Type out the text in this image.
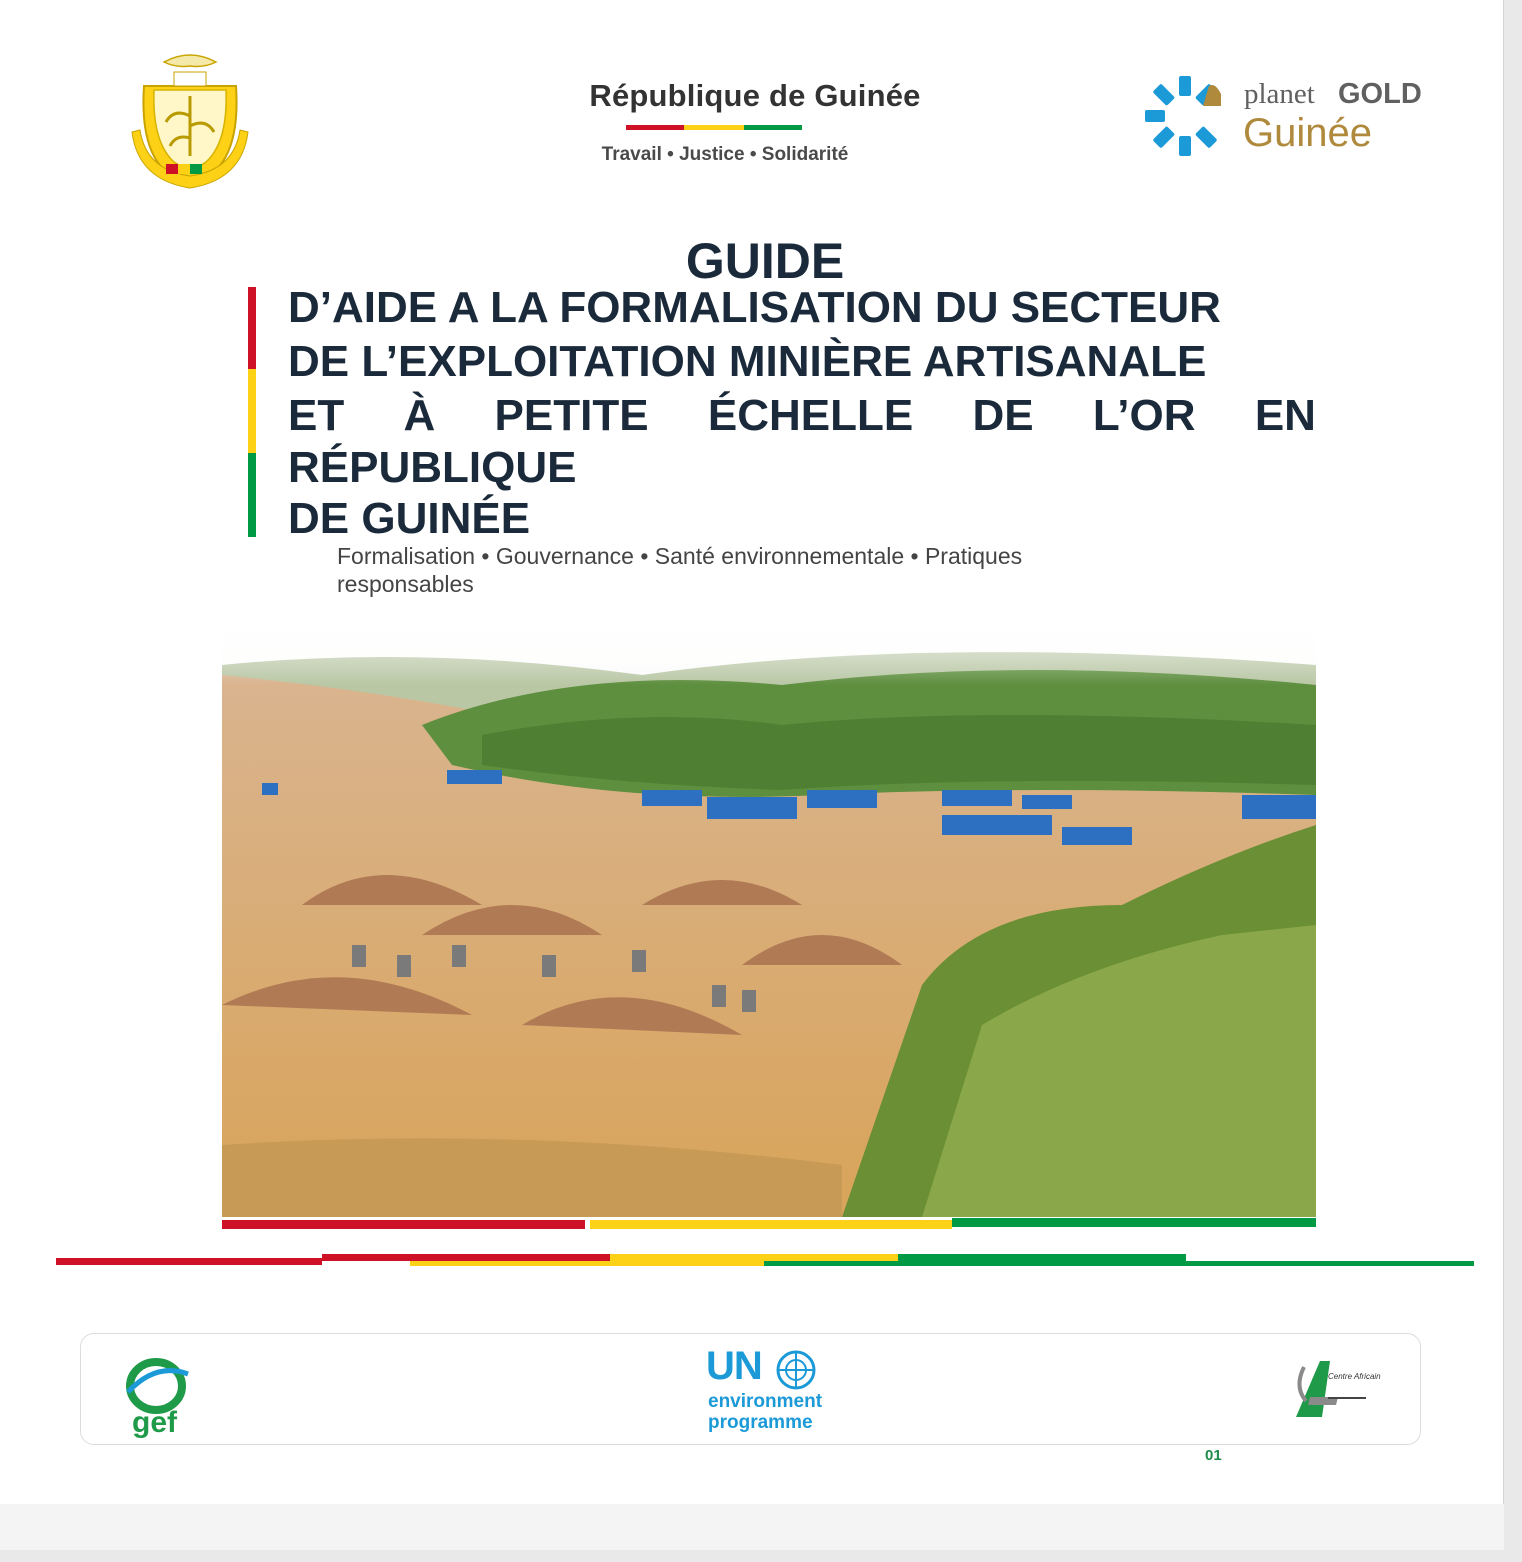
République de Guinée
Travail • Justice • Solidarité
planet GOLD
Guinée
GUIDE
D’AIDE A LA FORMALISATION DU SECTEUR
DE L’EXPLOITATION MINIÈRE ARTISANALE
ET À PETITE ÉCHELLE DE L’OR EN
RÉPUBLIQUE
DE GUINÉE
Formalisation • Gouvernance • Santé environnementale • Pratiques responsables
gef
UN
environment
programme
Centre Africain
01
